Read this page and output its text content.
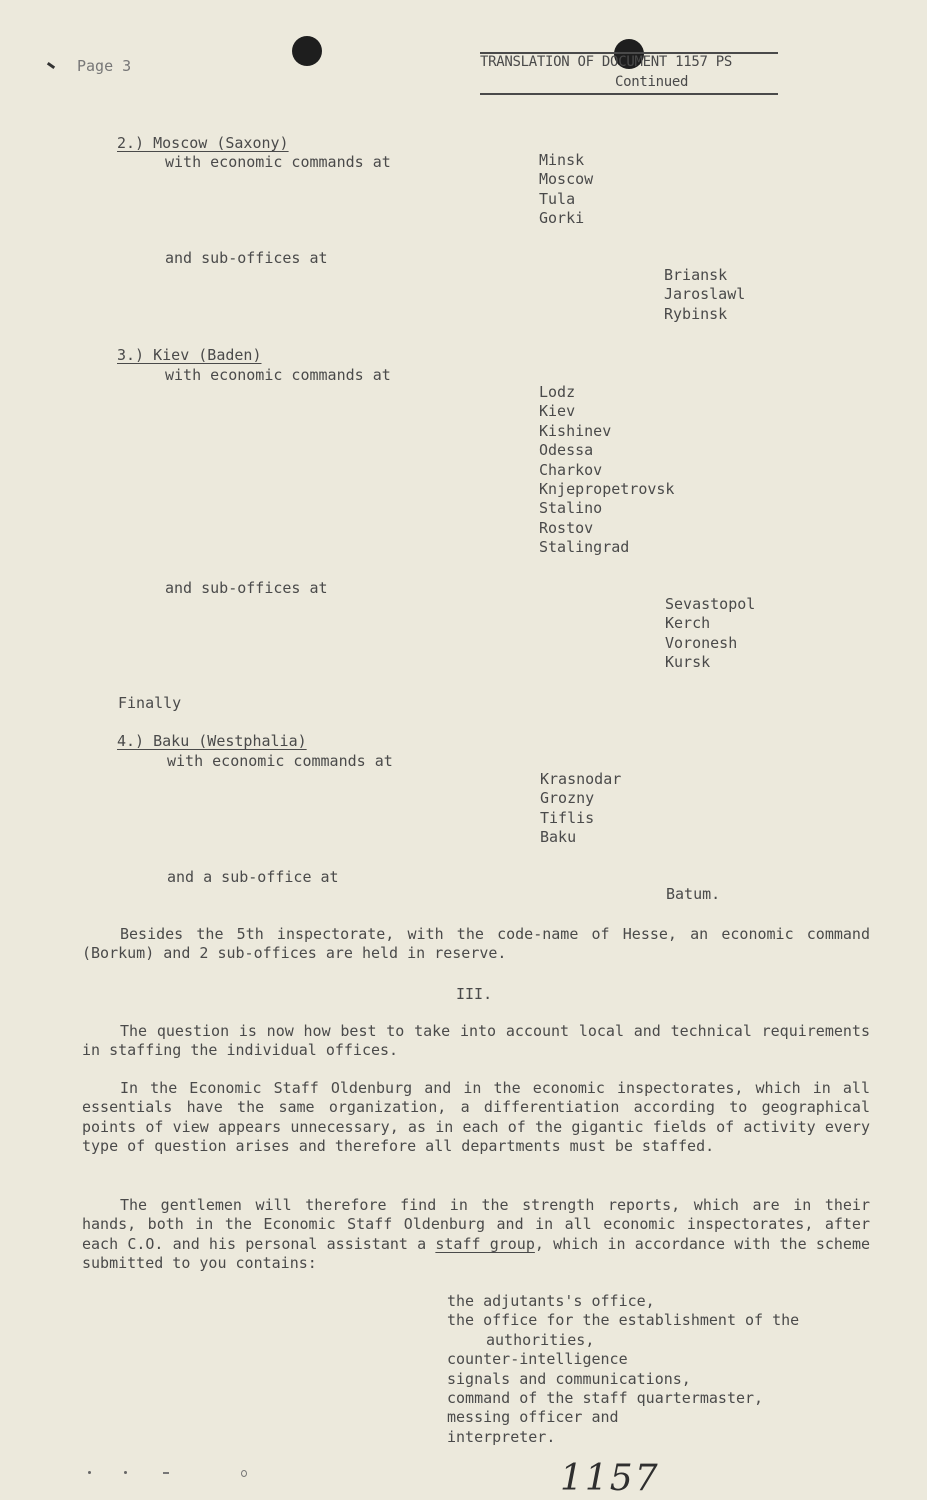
Page 3	TRANSLATION OF DOCUMENT 1157 PS
Continued
2.) Moscow (Saxony)
with economic commands at	Minsk
Moscow
Tula
Gorki
and sub-offices at
Briansk
Jaroslawl
Rybinsk
3.) Kiev (Baden)
with economic commands at
Lodz
Kiev
Kishinev
Odessa
Charkov
Knjepropetrovsk
Stalino
Rostov
Stalingrad
and sub-offices at
Sevastopol
Kerch
Voronesh
Kursk
Finally
4.) Baku (Westphalia)
with economic commands at
Krasnodar
Grozny
Tiflis
Baku
and a sub-office at
Batum.
Besides the 5th inspectorate, with the code-name of Hesse, an economic command (Borkum) and 2 sub-offices are held in reserve.
III.
The question is now how best to take into account local and technical requirements in staffing the individual offices.
In the Economic Staff Oldenburg and in the economic inspectorates, which in all essentials have the same organization, a differentiation according to geographical points of view appears unnecessary, as in each of the gigantic fields of activity every type of question arises and therefore all departments must be staffed.
The gentlemen will therefore find in the strength reports, which are in their hands, both in the Economic Staff Oldenburg and in all economic inspectorates, after each C.O. and his personal assistant a staff group, which in accordance with the scheme submitted to you contains:
the adjutants's office,
the office for the establishment of the
authorities,
counter-intelligence
signals and communications,
command of the staff quartermaster,
messing officer and
interpreter.
1157
